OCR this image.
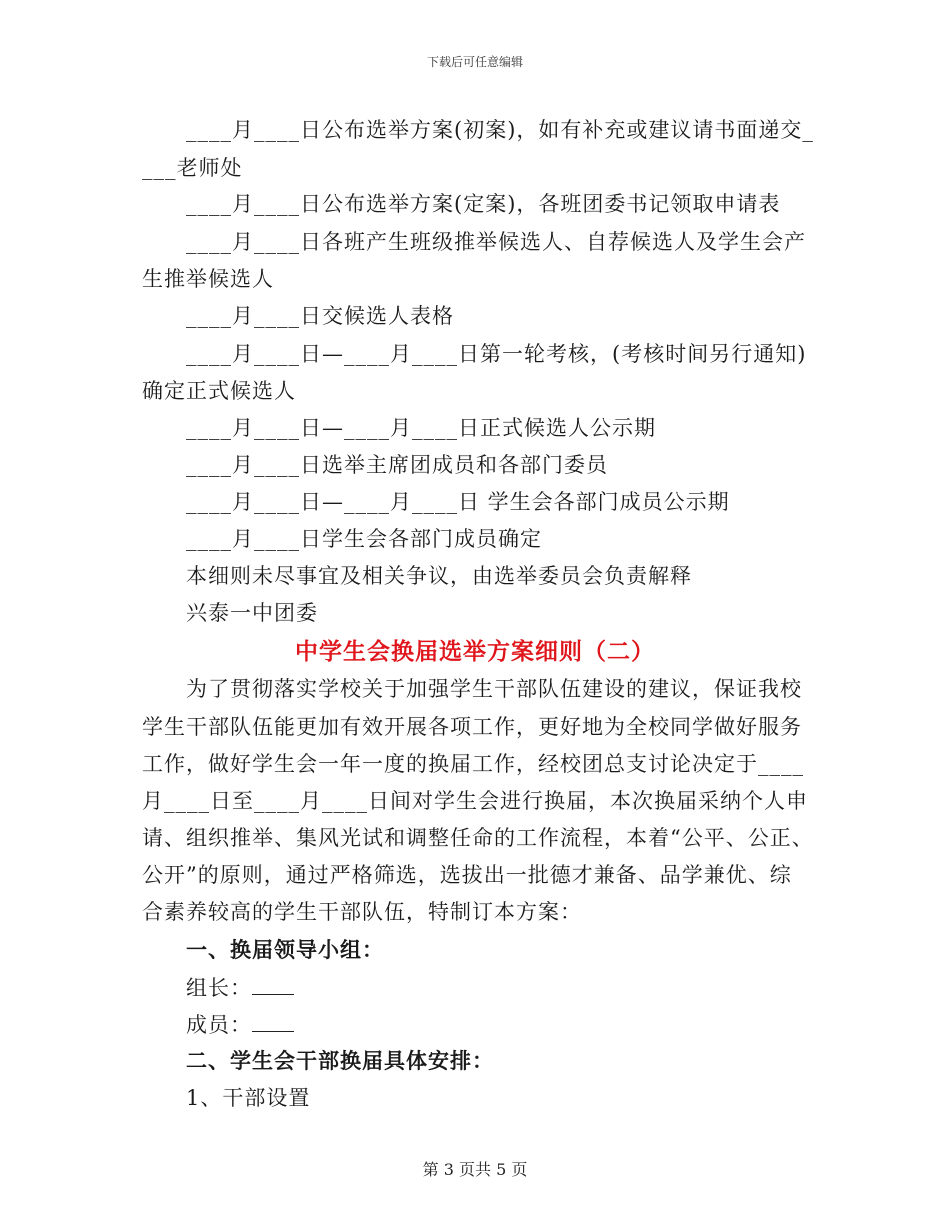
下载后可任意编辑
____月____日公布选举方案(初案)，如有补充或建议请书面递交_
___老师处
____月____日公布选举方案(定案)，各班团委书记领取申请表
____月____日各班产生班级推举候选人、自荐候选人及学生会产
生推举候选人
____月____日交候选人表格
____月____日—____月____日第一轮考核，(考核时间另行通知)
确定正式候选人
____月____日—____月____日正式候选人公示期
____月____日选举主席团成员和各部门委员
____月____日—____月____日 学生会各部门成员公示期
____月____日学生会各部门成员确定
本细则未尽事宜及相关争议，由选举委员会负责解释
兴泰一中团委
中学生会换届选举方案细则（二）
为了贯彻落实学校关于加强学生干部队伍建设的建议，保证我校
学生干部队伍能更加有效开展各项工作，更好地为全校同学做好服务
工作，做好学生会一年一度的换届工作，经校团总支讨论决定于____
月____日至____月____日间对学生会进行换届，本次换届采纳个人申
请、组织推举、集风光试和调整任命的工作流程，本着“公平、公正、
公开”的原则，通过严格筛选，选拔出一批德才兼备、品学兼优、综
合素养较高的学生干部队伍，特制订本方案：
一、换届领导小组：
组长：
成员：
二、学生会干部换届具体安排：
1、干部设置
第 3 页共 5 页
